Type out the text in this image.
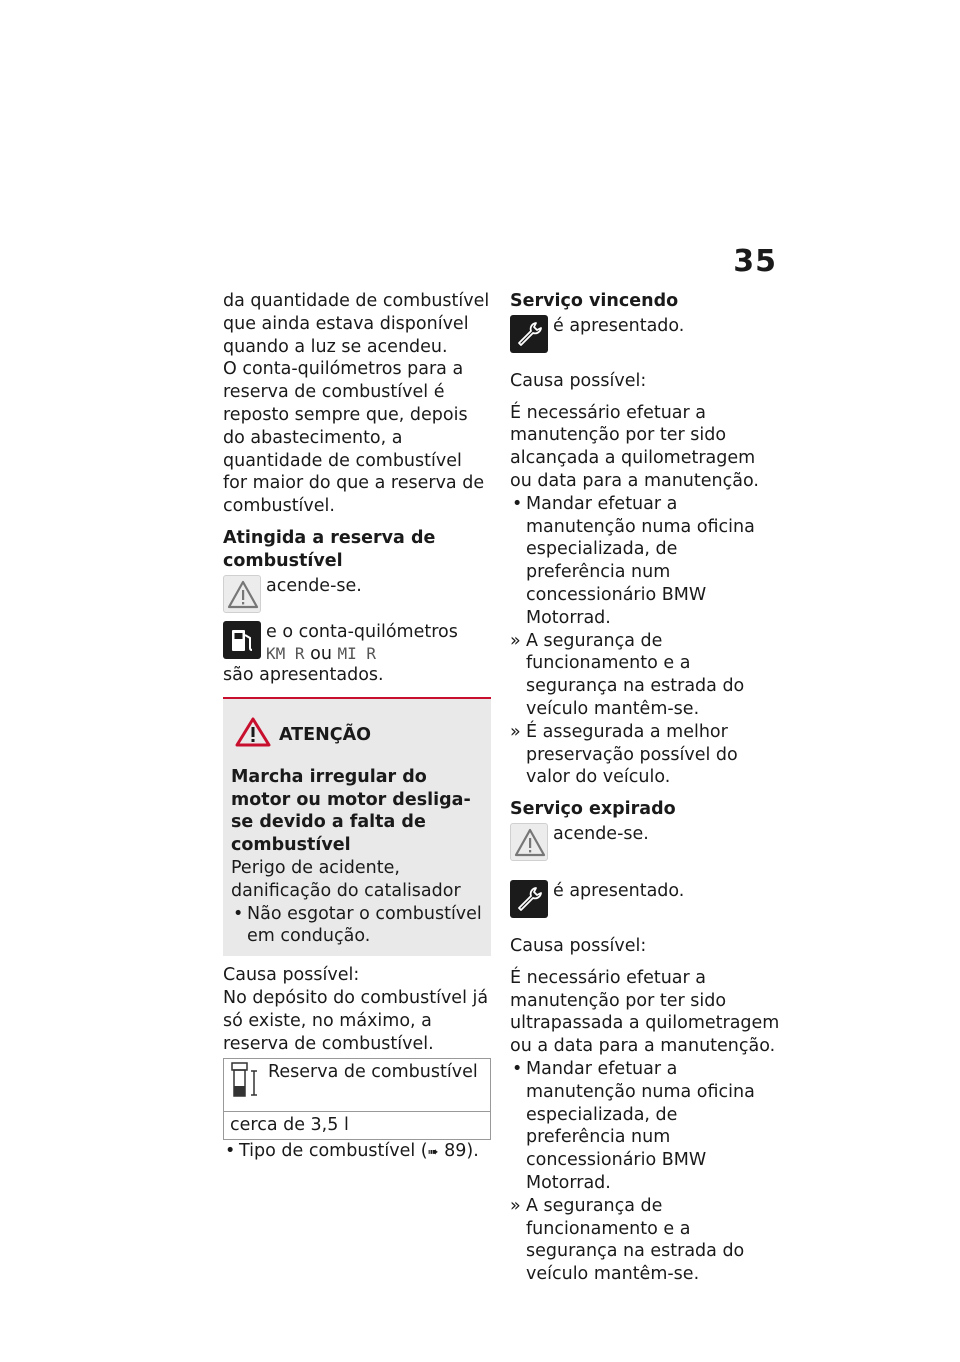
35

da quantidade de combustível que ainda estava disponível quando a luz se acendeu.

O conta-quilómetros para a reserva de combustível é reposto sempre que, depois do abastecimento, a quantidade de combustível for maior do que a reserva de combustível.

Atingida a reserva de combustível
acende-se.
e o conta-quilómetros
KM R ou MI R

são apresentados.

ATENÇÃO

Marcha irregular do motor ou motor desliga-se devido a falta de combustível

Perigo de acidente, danificação do catalisador

• Não esgotar o combustível em condução.

Causa possível:

No depósito do combustível já só existe, no máximo, a reserva de combustível.

Reserva de combustível
cerca de 3,5 l

• Tipo de combustível (➠ 89).

Serviço vincendo
é apresentado.

Causa possível:

É necessário efetuar a manutenção por ter sido alcançada a quilometragem ou data para a manutenção.

• Mandar efetuar a manutenção numa oficina especializada, de preferência num concessionário BMW Motorrad.

» A segurança de funcionamento e a segurança na estrada do veículo mantêm-se.

» É assegurada a melhor preservação possível do valor do veículo.

Serviço expirado
acende-se.
é apresentado.

Causa possível:

É necessário efetuar a manutenção por ter sido ultrapassada a quilometragem ou a data para a manutenção.

• Mandar efetuar a manutenção numa oficina especializada, de preferência num concessionário BMW Motorrad.

» A segurança de funcionamento e a segurança na estrada do veículo mantêm-se.
